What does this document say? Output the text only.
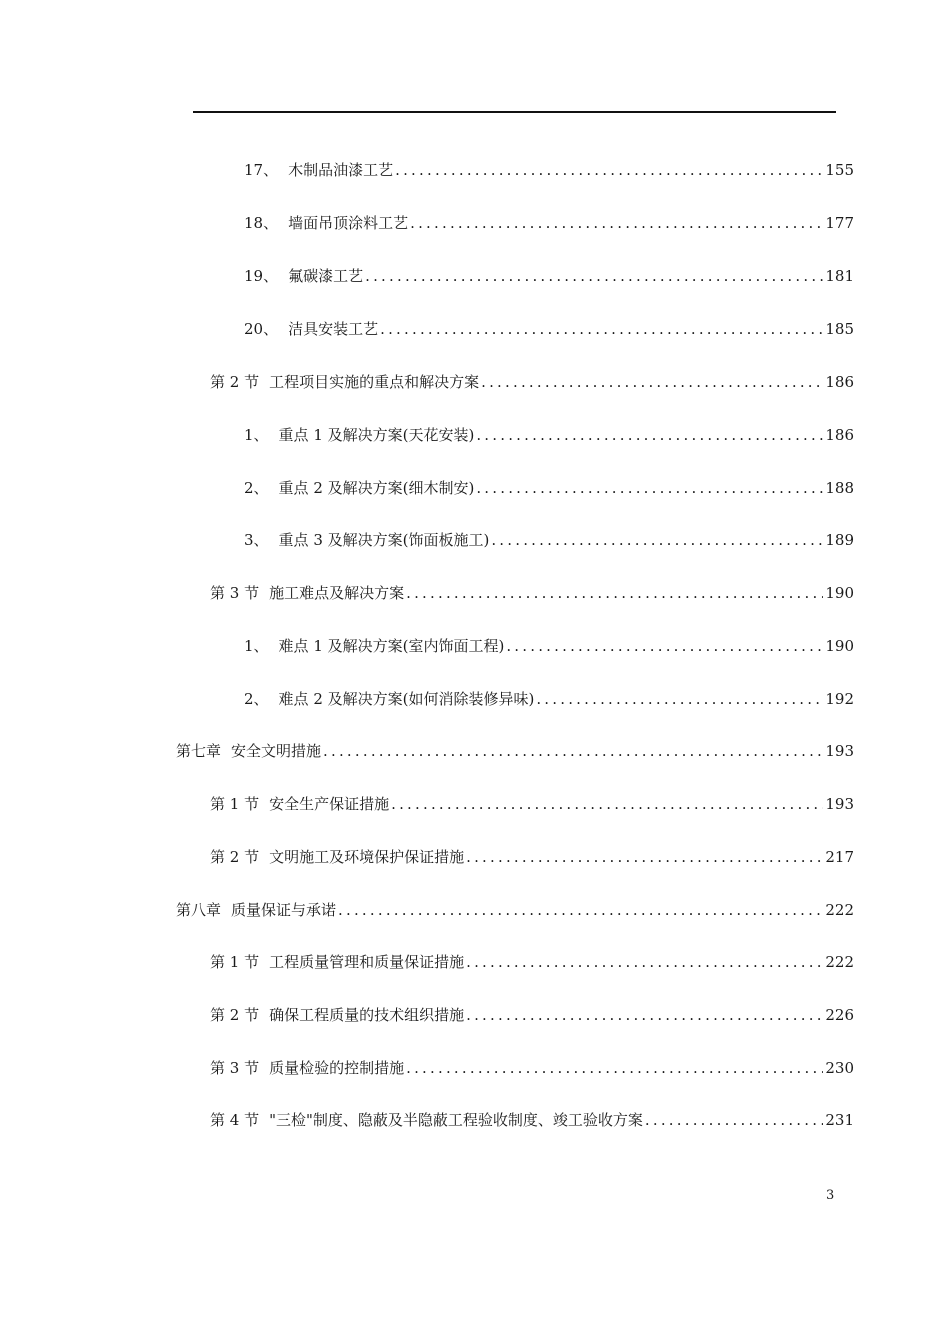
17、 木制品油漆工艺 .....	155
18、 墙面吊顶涂料工艺 .....	177
19、 氟碳漆工艺 .....	181
20、 洁具安装工艺 .....	185
第 2 节 工程项目实施的重点和解决方案 .....	186
1、 重点 1 及解决方案(天花安装) .....	186
2、 重点 2 及解决方案(细木制安) .....	188
3、 重点 3 及解决方案(饰面板施工) .....	189
第 3 节 施工难点及解决方案 .....	190
1、 难点 1 及解决方案(室内饰面工程) .....	190
2、 难点 2 及解决方案(如何消除装修异味) .....	192
第七章 安全文明措施 .....	193
第 1 节 安全生产保证措施 .....	193
第 2 节 文明施工及环境保护保证措施 .....	217
第八章 质量保证与承诺 .....	222
第 1 节 工程质量管理和质量保证措施 .....	222
第 2 节 确保工程质量的技术组织措施 .....	226
第 3 节 质量检验的控制措施 .....	230
第 4 节 "三检"制度、隐蔽及半隐蔽工程验收制度、竣工验收方案 .....	231
3
